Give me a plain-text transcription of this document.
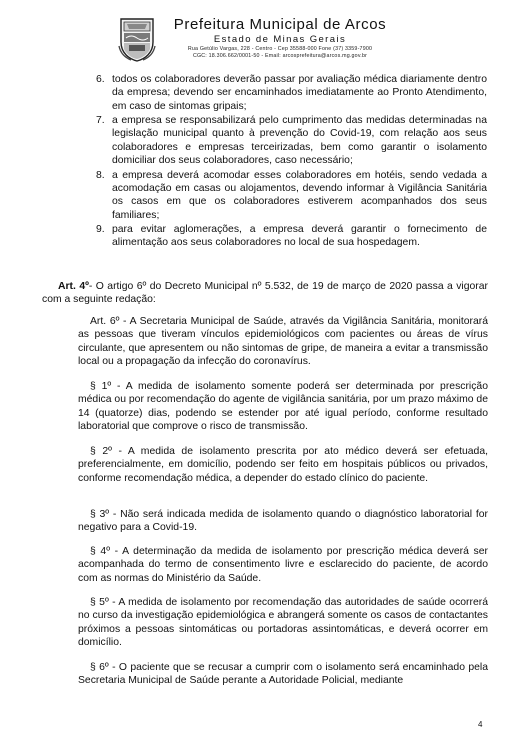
Prefeitura Municipal de Arcos
Estado de Minas Gerais
Rua Getúlio Vargas, 228 - Centro - Cep 35588-000 Fone (37) 3359-7900
CGC: 18.306.662/0001-50 - Email: arcosprefeitura@arcos.mg.gov.br
6. todos os colaboradores deverão passar por avaliação médica diariamente dentro da empresa; devendo ser encaminhados imediatamente ao Pronto Atendimento, em caso de sintomas gripais;
7. a empresa se responsabilizará pelo cumprimento das medidas determinadas na legislação municipal quanto à prevenção do Covid-19, com relação aos seus colaboradores e empresas terceirizadas, bem como garantir o isolamento domiciliar dos seus colaboradores, caso necessário;
8. a empresa deverá acomodar esses colaboradores em hotéis, sendo vedada a acomodação em casas ou alojamentos, devendo informar à Vigilância Sanitária os casos em que os colaboradores estiverem acompanhados dos seus familiares;
9. para evitar aglomerações, a empresa deverá garantir o fornecimento de alimentação aos seus colaboradores no local de sua hospedagem.

Art. 4º- O artigo 6º do Decreto Municipal nº 5.532, de 19 de março de 2020 passa a vigorar com a seguinte redação:

Art. 6º - A Secretaria Municipal de Saúde, através da Vigilância Sanitária, monitorará as pessoas que tiveram vínculos epidemiológicos com pacientes ou áreas de vírus circulante, que apresentem ou não sintomas de gripe, de maneira a evitar a transmissão local ou a propagação da infecção do coronavírus.

§ 1º - A medida de isolamento somente poderá ser determinada por prescrição médica ou por recomendação do agente de vigilância sanitária, por um prazo máximo de 14 (quatorze) dias, podendo se estender por até igual período, conforme resultado laboratorial que comprove o risco de transmissão.

§ 2º - A medida de isolamento prescrita por ato médico deverá ser efetuada, preferencialmente, em domicílio, podendo ser feito em hospitais públicos ou privados, conforme recomendação médica, a depender do estado clínico do paciente.

§ 3º - Não será indicada medida de isolamento quando o diagnóstico laboratorial for negativo para a Covid-19.

§ 4º - A determinação da medida de isolamento por prescrição médica deverá ser acompanhada do termo de consentimento livre e esclarecido do paciente, de acordo com as normas do Ministério da Saúde.

§ 5º - A medida de isolamento por recomendação das autoridades de saúde ocorrerá no curso da investigação epidemiológica e abrangerá somente os casos de contactantes próximos a pessoas sintomáticas ou portadoras assintomáticas, e deverá ocorrer em domicílio.

§ 6º - O paciente que se recusar a cumprir com o isolamento será encaminhado pela Secretaria Municipal de Saúde perante a Autoridade Policial, mediante

4
